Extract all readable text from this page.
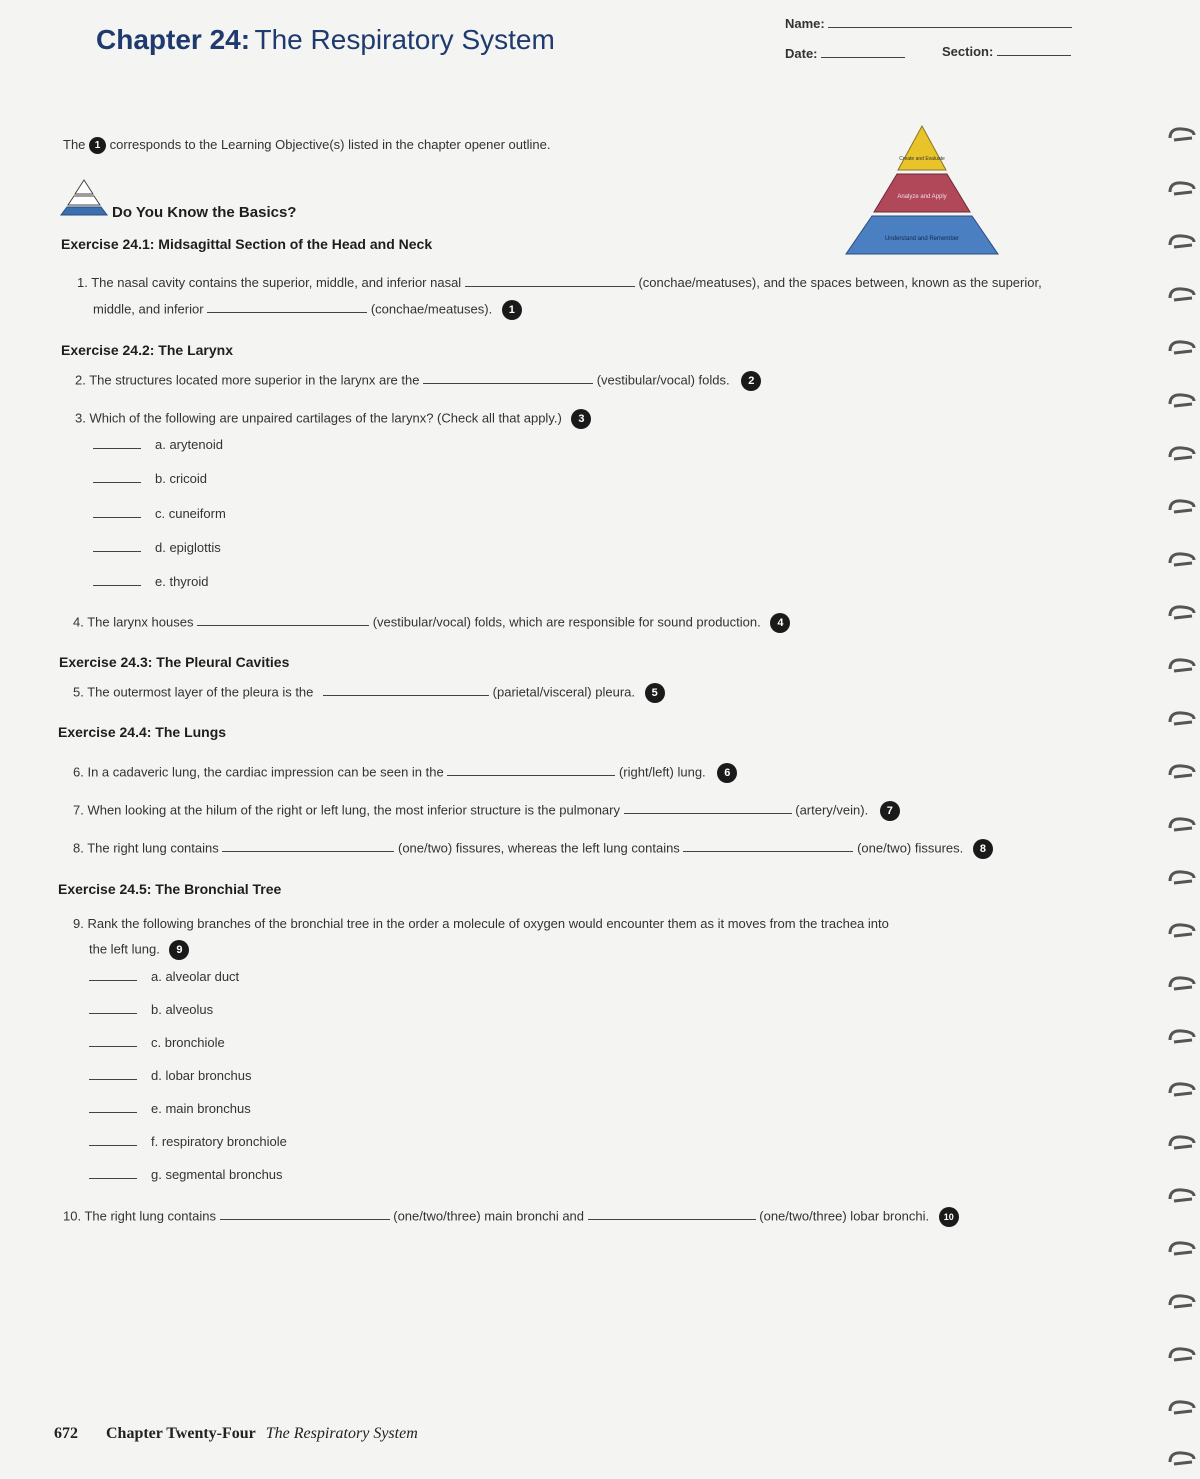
Chapter 24: The Respiratory System
Name:
Date:	Section:
The 1 corresponds to the Learning Objective(s) listed in the chapter opener outline.
Create and Evaluate
Analyze and Apply
Understand and Remember
Do You Know the Basics?
Exercise 24.1: Midsagittal Section of the Head and Neck
1. The nasal cavity contains the superior, middle, and inferior nasal	(conchae/meatuses), and the spaces between, known as the superior,
middle, and inferior	(conchae/meatuses). 1
Exercise 24.2: The Larynx
2. The structures located more superior in the larynx are the	(vestibular/vocal) folds. 2
3. Which of the following are unpaired cartilages of the larynx? (Check all that apply.) 3
a. arytenoid
b. cricoid
c. cuneiform
d. epiglottis
e. thyroid
4. The larynx houses	(vestibular/vocal) folds, which are responsible for sound production. 4
Exercise 24.3: The Pleural Cavities
5. The outermost layer of the pleura is the	(parietal/visceral) pleura. 5
Exercise 24.4: The Lungs
6. In a cadaveric lung, the cardiac impression can be seen in the	(right/left) lung. 6
7. When looking at the hilum of the right or left lung, the most inferior structure is the pulmonary	(artery/vein). 7
8. The right lung contains	(one/two) fissures, whereas the left lung contains	(one/two) fissures. 8
Exercise 24.5: The Bronchial Tree
9. Rank the following branches of the bronchial tree in the order a molecule of oxygen would encounter them as it moves from the trachea into
the left lung. 9
a. alveolar duct
b. alveolus
c. bronchiole
d. lobar bronchus
e. main bronchus
f. respiratory bronchiole
g. segmental bronchus
10. The right lung contains	(one/two/three) main bronchi and	(one/two/three) lobar bronchi. 10
672 Chapter Twenty-Four The Respiratory System
